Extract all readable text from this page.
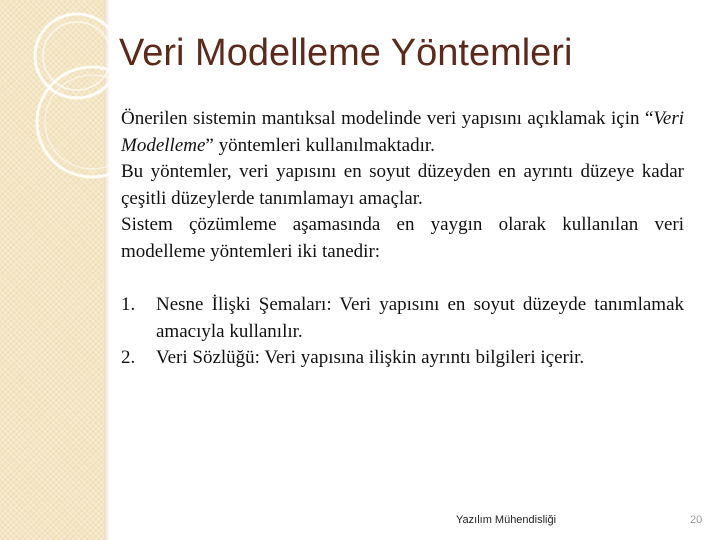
Veri Modelleme Yöntemleri

Önerilen sistemin mantıksal modelinde veri yapısını açıklamak için “Veri Modelleme” yöntemleri kullanılmaktadır.

Bu yöntemler, veri yapısını en soyut düzeyden en ayrıntı düzeye kadar çeşitli düzeylerde tanımlamayı amaçlar.

Sistem çözümleme aşamasında en yaygın olarak kullanılan veri modelleme yöntemleri iki tanedir:

1. Nesne İlişki Şemaları: Veri yapısını en soyut düzeyde tanımlamak amacıyla kullanılır.
2. Veri Sözlüğü: Veri yapısına ilişkin ayrıntı bilgileri içerir.
Yazılım Mühendisliği	20
